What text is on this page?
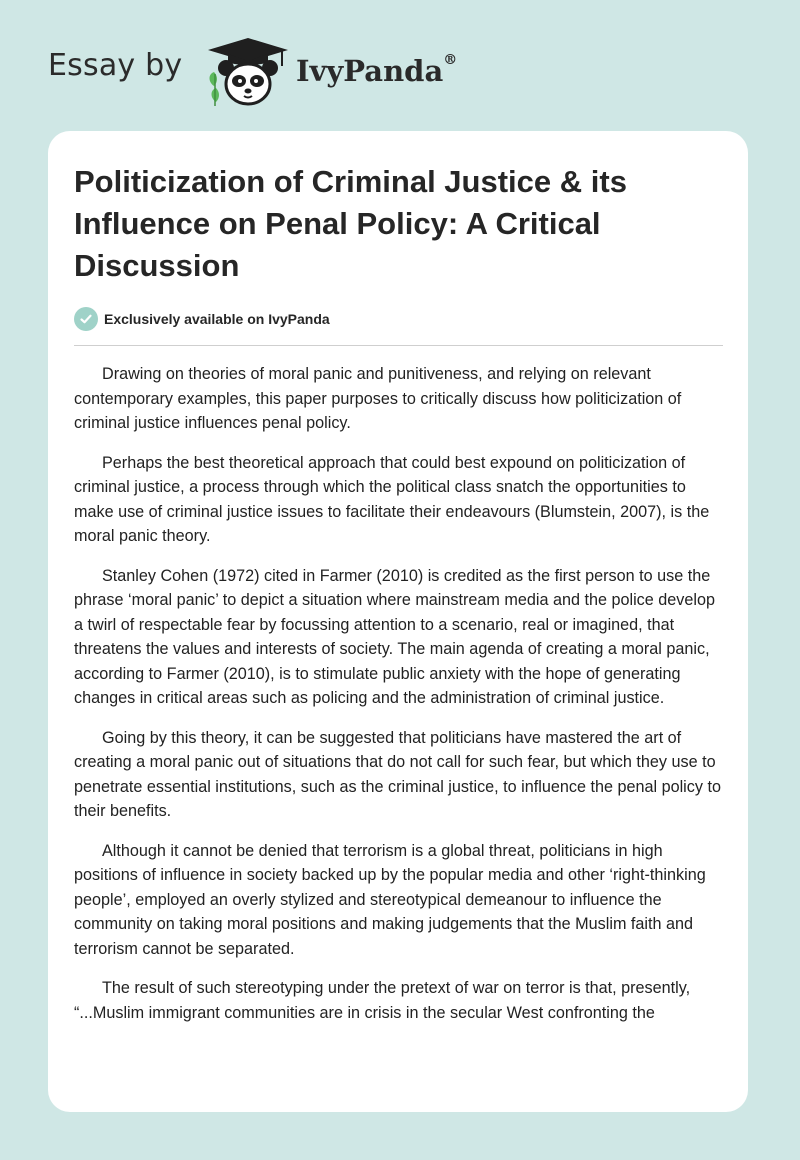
Essay by	IvyPanda®
Politicization of Criminal Justice & its Influence on Penal Policy: A Critical Discussion
Exclusively available on IvyPanda

Drawing on theories of moral panic and punitiveness, and relying on relevant contemporary examples, this paper purposes to critically discuss how politicization of criminal justice influences penal policy.

Perhaps the best theoretical approach that could best expound on politicization of criminal justice, a process through which the political class snatch the opportunities to make use of criminal justice issues to facilitate their endeavours (Blumstein, 2007), is the moral panic theory.

Stanley Cohen (1972) cited in Farmer (2010) is credited as the first person to use the phrase ‘moral panic’ to depict a situation where mainstream media and the police develop a twirl of respectable fear by focussing attention to a scenario, real or imagined, that threatens the values and interests of society. The main agenda of creating a moral panic, according to Farmer (2010), is to stimulate public anxiety with the hope of generating changes in critical areas such as policing and the administration of criminal justice.

Going by this theory, it can be suggested that politicians have mastered the art of creating a moral panic out of situations that do not call for such fear, but which they use to penetrate essential institutions, such as the criminal justice, to influence the penal policy to their benefits.

Although it cannot be denied that terrorism is a global threat, politicians in high positions of influence in society backed up by the popular media and other ‘right-thinking people’, employed an overly stylized and stereotypical demeanour to influence the community on taking moral positions and making judgements that the Muslim faith and terrorism cannot be separated.

The result of such stereotyping under the pretext of war on terror is that, presently, “...Muslim immigrant communities are in crisis in the secular West confronting the
